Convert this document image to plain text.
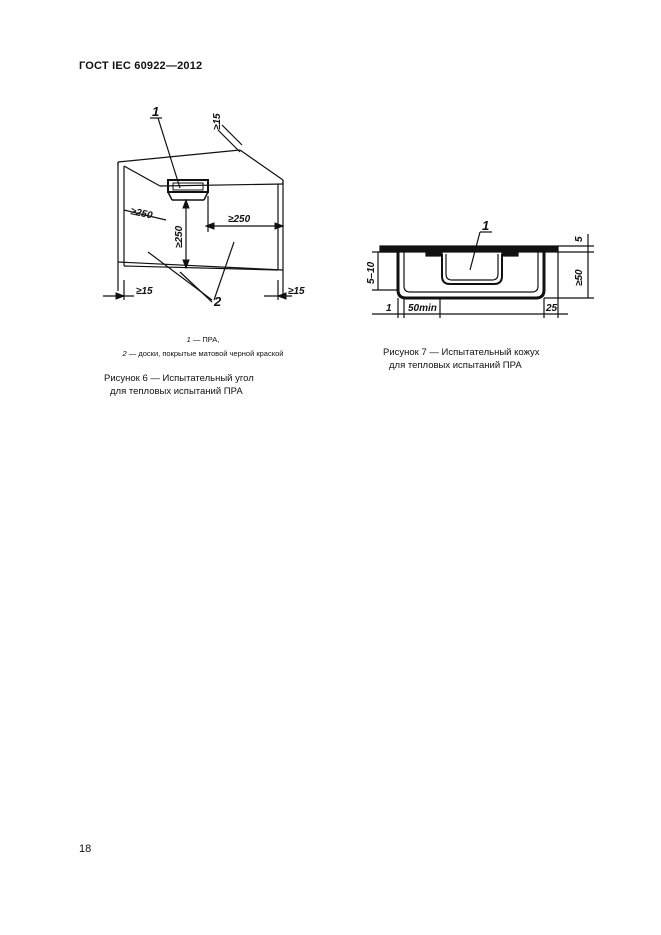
ГОСТ IEC 60922—2012
1
2
≥15
≥250
≥250
≥250
≥15	≥15
1 — ПРА,
2 — доски, покрытые матовой черной краской
Рисунок 6 — Испытательный угол
для тепловых испытаний ПРА
1
5
≥50
5–10
1 50min	25
Рисунок 7 — Испытательный кожух
для тепловых испытаний ПРА
18
